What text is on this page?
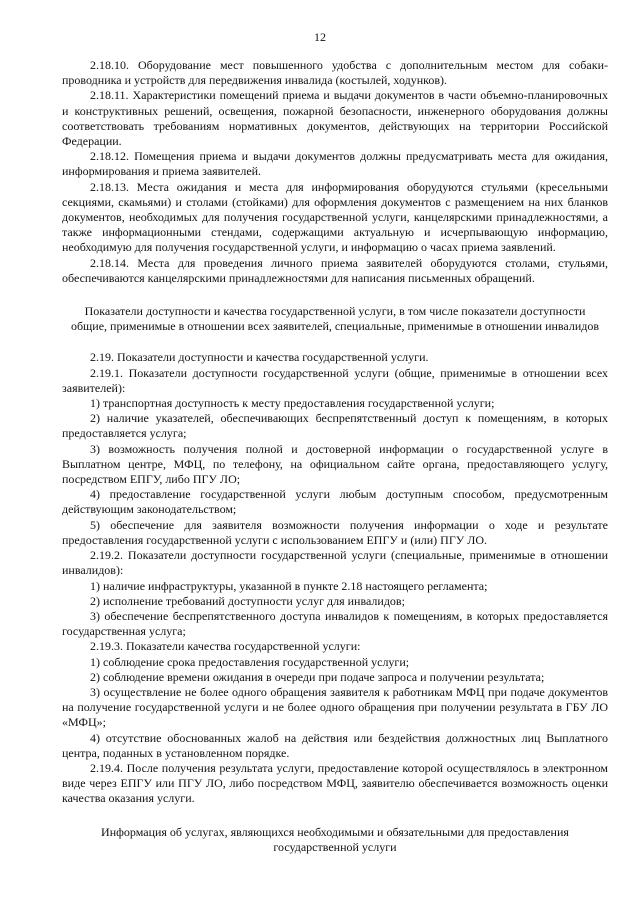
12

2.18.10. Оборудование мест повышенного удобства с дополнительным местом для собаки-проводника и устройств для передвижения инвалида (костылей, ходунков).

2.18.11. Характеристики помещений приема и выдачи документов в части объемно-планировочных и конструктивных решений, освещения, пожарной безопасности, инженерного оборудования должны соответствовать требованиям нормативных документов, действующих на территории Российской Федерации.

2.18.12. Помещения приема и выдачи документов должны предусматривать места для ожидания, информирования и приема заявителей.

2.18.13. Места ожидания и места для информирования оборудуются стульями (кресельными секциями, скамьями) и столами (стойками) для оформления документов с размещением на них бланков документов, необходимых для получения государственной услуги, канцелярскими принадлежностями, а также информационными стендами, содержащими актуальную и исчерпывающую информацию, необходимую для получения государственной услуги, и информацию о часах приема заявлений.

2.18.14. Места для проведения личного приема заявителей оборудуются столами, стульями, обеспечиваются канцелярскими принадлежностями для написания письменных обращений.

Показатели доступности и качества государственной услуги, в том числе показатели доступности общие, применимые в отношении всех заявителей, специальные, применимые в отношении инвалидов

2.19. Показатели доступности и качества государственной услуги.

2.19.1. Показатели доступности государственной услуги (общие, применимые в отношении всех заявителей):

1) транспортная доступность к месту предоставления государственной услуги;

2) наличие указателей, обеспечивающих беспрепятственный доступ к помещениям, в которых предоставляется услуга;

3) возможность получения полной и достоверной информации о государственной услуге в Выплатном центре, МФЦ, по телефону, на официальном сайте органа, предоставляющего услугу, посредством ЕПГУ, либо ПГУ ЛО;

4) предоставление государственной услуги любым доступным способом, предусмотренным действующим законодательством;

5) обеспечение для заявителя возможности получения информации о ходе и результате предоставления государственной услуги с использованием ЕПГУ и (или) ПГУ ЛО.

2.19.2. Показатели доступности государственной услуги (специальные, применимые в отношении инвалидов):

1) наличие инфраструктуры, указанной в пункте 2.18 настоящего регламента;

2) исполнение требований доступности услуг для инвалидов;

3) обеспечение беспрепятственного доступа инвалидов к помещениям, в которых предоставляется государственная услуга;

2.19.3. Показатели качества государственной услуги:

1) соблюдение срока предоставления государственной услуги;

2) соблюдение времени ожидания в очереди при подаче запроса и получении результата;

3) осуществление не более одного обращения заявителя к работникам МФЦ при подаче документов на получение государственной услуги и не более одного обращения при получении результата в ГБУ ЛО «МФЦ»;

4) отсутствие обоснованных жалоб на действия или бездействия должностных лиц Выплатного центра, поданных в установленном порядке.

2.19.4. После получения результата услуги, предоставление которой осуществлялось в электронном виде через ЕПГУ или ПГУ ЛО, либо посредством МФЦ, заявителю обеспечивается возможность оценки качества оказания услуги.

Информация об услугах, являющихся необходимыми и обязательными для предоставления государственной услуги
